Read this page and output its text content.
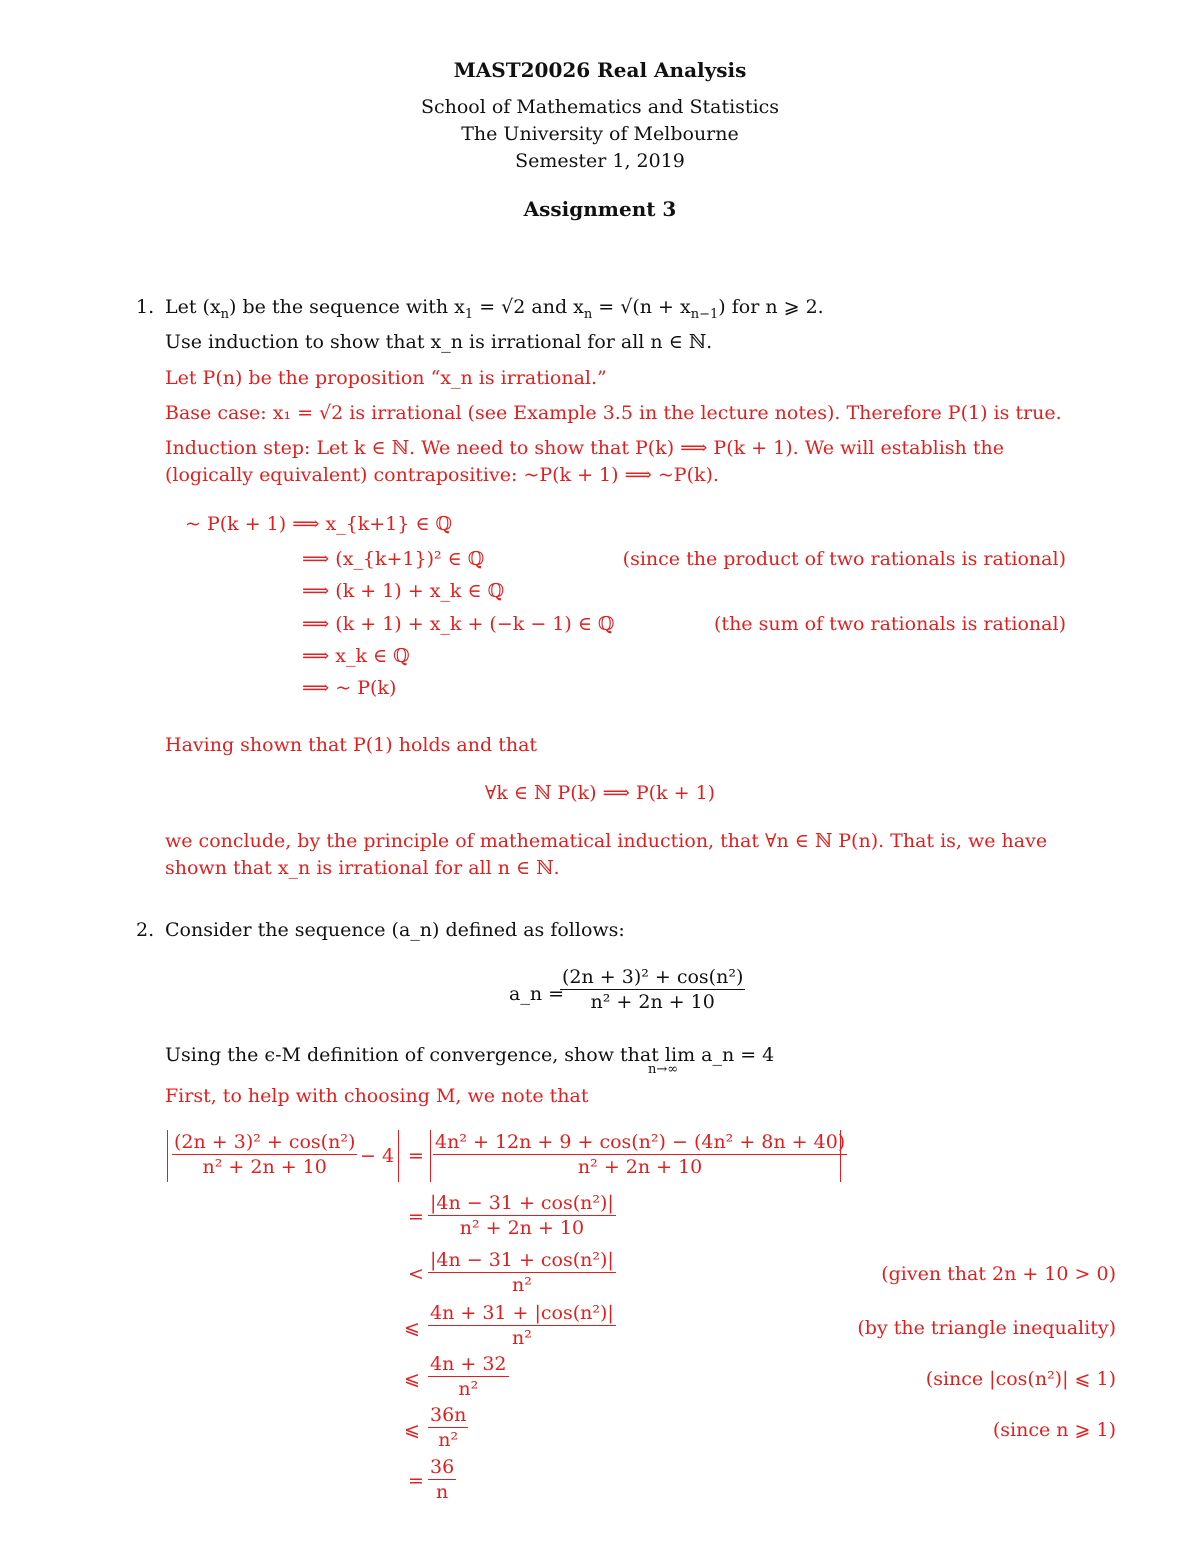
MAST20026 Real Analysis
School of Mathematics and Statistics
The University of Melbourne
Semester 1, 2019
Assignment 3
1. Let $(x_n)$ be the sequence with $x_1 = √2$ and $x_n = √(n + x_{n-1})$ for n ⩾ 2.
Use induction to show that x_n is irrational for all n ∈ ℕ.
Let P(n) be the proposition “x_n is irrational.”
Base case: x₁ = √2 is irrational (see Example 3.5 in the lecture notes). Therefore P(1) is true.
Induction step: Let k ∈ ℕ. We need to show that P(k) ⟹ P(k + 1). We will establish the
(logically equivalent) contrapositive: ~P(k + 1) ⟹ ~P(k).
~ P(k + 1) ⟹ x_{k+1} ∈ ℚ
⟹ (x_{k+1})² ∈ ℚ
⟹ (k + 1) + x_k ∈ ℚ
⟹ (k + 1) + x_k + (−k − 1) ∈ ℚ
⟹ x_k ∈ ℚ
⟹ ~ P(k)
(since the product of two rationals is rational)
(the sum of two rationals is rational)
Having shown that P(1) holds and that
∀k ∈ ℕ P(k) ⟹ P(k + 1)
we conclude, by the principle of mathematical induction, that ∀n ∈ ℕ P(n). That is, we have
shown that x_n is irrational for all n ∈ ℕ.
2. Consider the sequence (a_n) defined as follows:
a_n =
$\frac{\text{(2n + 3)² + cos(n²)}}{\text{n² + 2n + 10}}$
Using the ϵ-M definition of convergence, show that lim a_n = 4
n→∞
First, to help with choosing M, we note that
$\frac{\text{(2n + 3)² + cos(n²)}}{\text{n² + 2n + 10}} - 4 = \frac{\text{4n² + 12n + 9 + cos(n²) − (4n² + 8n + 40)}}{\text{n² + 2n + 10}}$
= $\frac{\text{|4n − 31 + cos(n²)|}}{\text{n² + 2n + 10}}$
< $\frac{\text{|4n − 31 + cos(n²)|}}{\text{n²}}$	(given that 2n + 10 > 0)
⩽ $\frac{\text{4n + 31 + |cos(n²)|}}{\text{n²}}$	(by the triangle inequality)
⩽ $\frac{4n + 32}{\text{n²}}$	(since |cos(n²)| ⩽ 1)
⩽ $\frac{36n}{\text{n²}}$	(since n ⩾ 1)
= $\frac{36}{n}$
